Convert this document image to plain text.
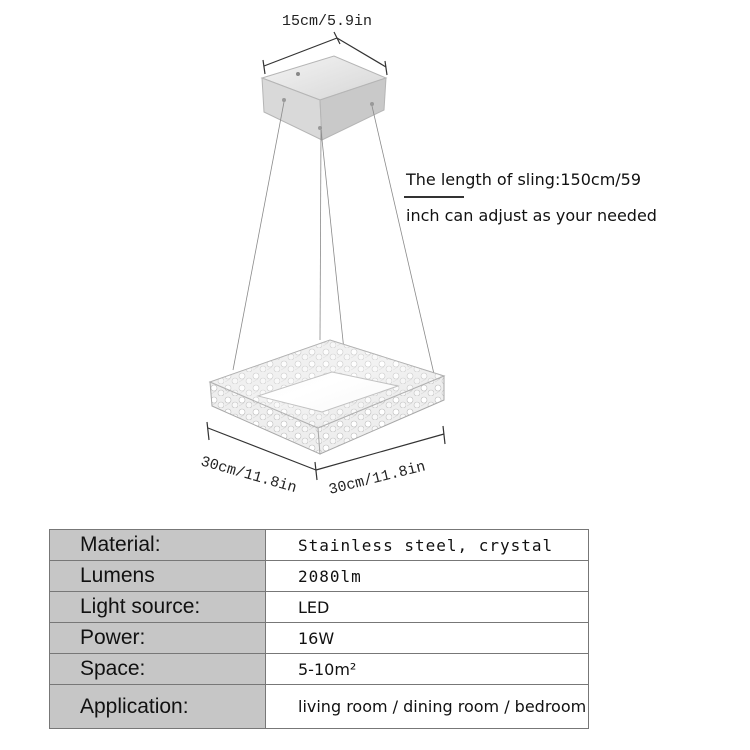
15cm/5.9in
30cm/11.8in 30cm/11.8in
The length of sling:150cm/59
inch can adjust as your needed
Material:	Stainless steel, crystal
Lumens	2080lm
Light source:	LED
Power:	16W
Space:	5-10m²
Application:	living room / dining room / bedroom
